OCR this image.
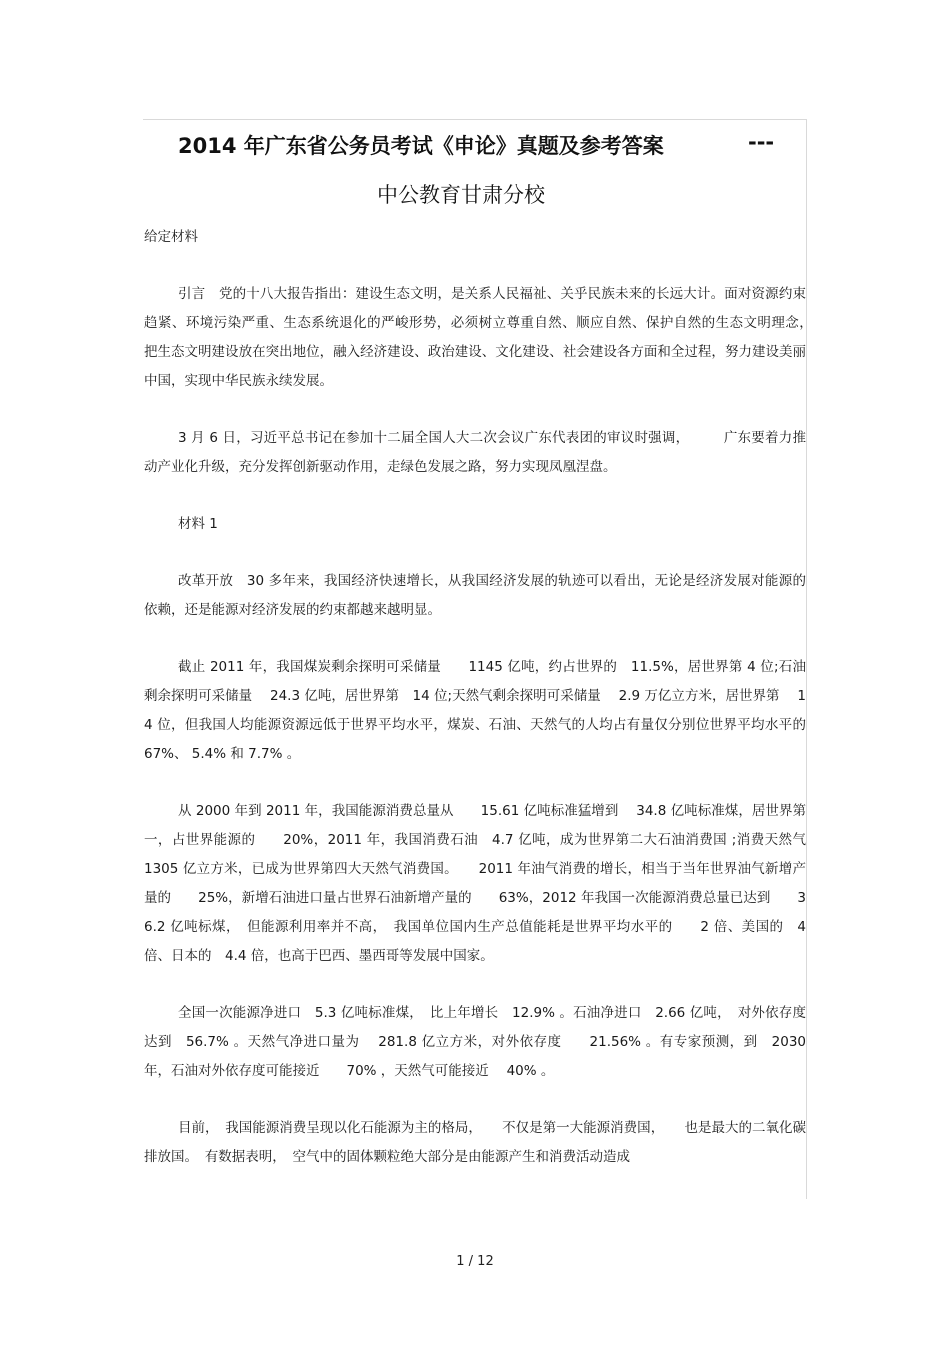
2014 年广东省公务员考试《申论》真题及参考答案	---
中公教育甘肃分校

给定材料

引言　党的十八大报告指出：建设生态文明，是关系人民福祉、关乎民族未来的长远大计。面对资源约束趋紧、环境污染严重、生态系统退化的严峻形势，必须树立尊重自然、顺应自然、保护自然的生态文明理念，　　把生态文明建设放在突出地位，融入经济建设、政治建设、文化建设、社会建设各方面和全过程，努力建设美丽中国，实现中华民族永续发展。

3 月 6 日，习近平总书记在参加十二届全国人大二次会议广东代表团的审议时强调，　　　广东要着力推动产业化升级，充分发挥创新驱动作用，走绿色发展之路，努力实现凤凰涅盘。

材料 1

改革开放　30 多年来，我国经济快速增长，从我国经济发展的轨迹可以看出，无论是经济发展对能源的依赖，还是能源对经济发展的约束都越来越明显。

截止 2011 年，我国煤炭剩余探明可采储量　　1145 亿吨，约占世界的　11.5%，居世界第 4 位;石油剩余探明可采储量　 24.3 亿吨，居世界第　14 位;天然气剩余探明可采储量　 2.9 万亿立方米，居世界第　 14 位，但我国人均能源资源远低于世界平均水平，煤炭、石油、天然气的人均占有量仅分别位世界平均水平的　　67%、 5.4% 和 7.7% 。

从 2000 年到 2011 年，我国能源消费总量从　　15.61 亿吨标准猛增到　 34.8 亿吨标准煤，居世界第一，占世界能源的　　20%，2011 年，我国消费石油　4.7 亿吨，成为世界第二大石油消费国 ;消费天然气　1305 亿立方米，已成为世界第四大天然气消费国。　　2011 年油气消费的增长，相当于当年世界油气新增产量的　　25%，新增石油进口量占世界石油新增产量的　　63%，2012 年我国一次能源消费总量已达到　　36.2 亿吨标煤，　但能源利用率并不高，　我国单位国内生产总值能耗是世界平均水平的　　2 倍、美国的　4 倍、日本的　4.4 倍，也高于巴西、墨西哥等发展中国家。

全国一次能源净进口　5.3 亿吨标准煤，　比上年增长　12.9% 。石油净进口　2.66 亿吨，　对外依存度达到　56.7% 。天然气净进口量为　 281.8 亿立方米，对外依存度　　21.56% 。有专家预测，到　2030 年，石油对外依存度可能接近　　70% ，天然气可能接近　 40% 。

目前，　我国能源消费呈现以化石能源为主的格局，　　不仅是第一大能源消费国，　　也是最大的二氧化碳排放国。　有数据表明，　空气中的固体颗粒绝大部分是由能源产生和消费活动造成

1 / 12
